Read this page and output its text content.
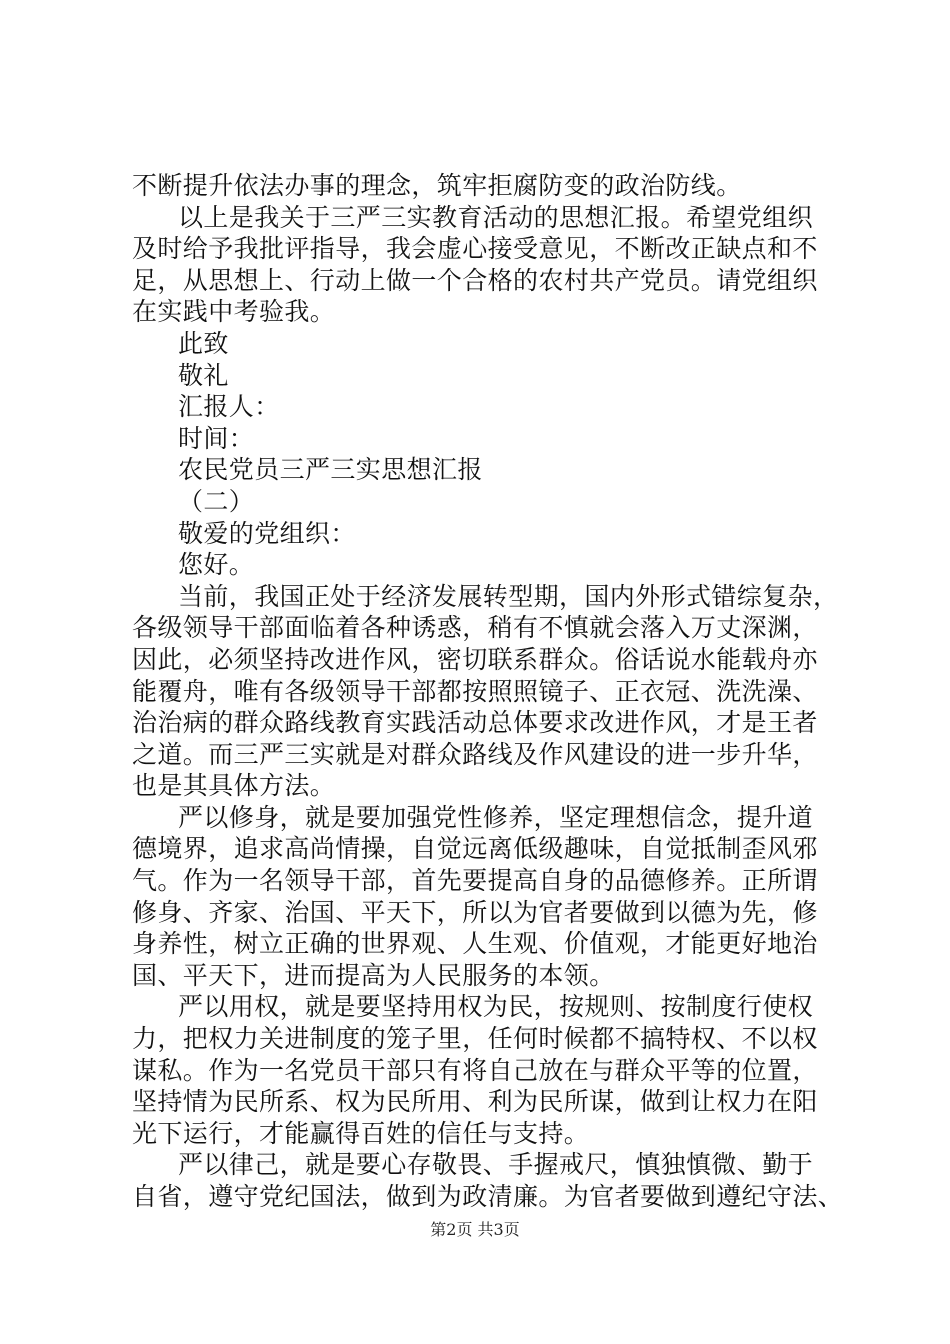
不断提升依法办事的理念，筑牢拒腐防变的政治防线。
以上是我关于三严三实教育活动的思想汇报。希望党组织
及时给予我批评指导，我会虚心接受意见，不断改正缺点和不
足，从思想上、行动上做一个合格的农村共产党员。请党组织
在实践中考验我。
此致
敬礼
汇报人：
时间：
农民党员三严三实思想汇报
（二）
敬爱的党组织：
您好。
当前，我国正处于经济发展转型期，国内外形式错综复杂，
各级领导干部面临着各种诱惑，稍有不慎就会落入万丈深渊，
因此，必须坚持改进作风，密切联系群众。俗话说水能载舟亦
能覆舟，唯有各级领导干部都按照照镜子、正衣冠、洗洗澡、
治治病的群众路线教育实践活动总体要求改进作风，才是王者
之道。而三严三实就是对群众路线及作风建设的进一步升华，
也是其具体方法。
严以修身，就是要加强党性修养，坚定理想信念，提升道
德境界，追求高尚情操，自觉远离低级趣味，自觉抵制歪风邪
气。作为一名领导干部，首先要提高自身的品德修养。正所谓
修身、齐家、治国、平天下，所以为官者要做到以德为先，修
身养性，树立正确的世界观、人生观、价值观，才能更好地治
国、平天下，进而提高为人民服务的本领。
严以用权，就是要坚持用权为民，按规则、按制度行使权
力，把权力关进制度的笼子里，任何时候都不搞特权、不以权
谋私。作为一名党员干部只有将自己放在与群众平等的位置，
坚持情为民所系、权为民所用、利为民所谋，做到让权力在阳
光下运行，才能赢得百姓的信任与支持。
严以律己，就是要心存敬畏、手握戒尺，慎独慎微、勤于
自省，遵守党纪国法，做到为政清廉。为官者要做到遵纪守法、
第2页 共3页
